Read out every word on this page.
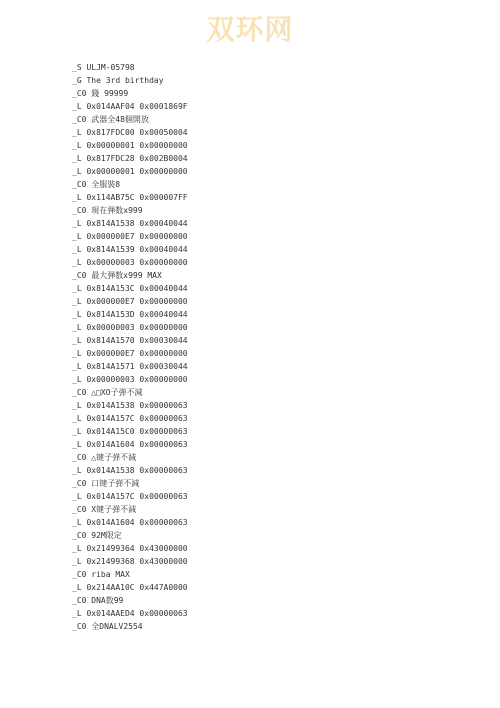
双环网
_S ULJM-05798
_G The 3rd birthday
_C0 錢 99999
_L 0x014AAF04 0x0001869F
_C0 武器全48個開放
_L 0x817FDC00 0x00050004
_L 0x00000001 0x00000000
_L 0x817FDC28 0x002B0004
_L 0x00000001 0x00000000
_C0 全服裝8
_L 0x114AB75C 0x000007FF
_C0 現在弾数x999
_L 0x814A1538 0x00040044
_L 0x000000E7 0x00000000
_L 0x814A1539 0x00040044
_L 0x00000003 0x00000000
_C0 最大弾数x999 MAX
_L 0x814A153C 0x00040044
_L 0x000000E7 0x00000000
_L 0x814A153D 0x00040044
_L 0x00000003 0x00000000
_L 0x814A1570 0x00030044
_L 0x000000E7 0x00000000
_L 0x814A1571 0x00030044
_L 0x00000003 0x00000000
_C0 △□XO子弹不減
_L 0x014A1538 0x00000063
_L 0x014A157C 0x00000063
_L 0x014A15C0 0x00000063
_L 0x014A1604 0x00000063
_C0 △键子弹不減
_L 0x014A1538 0x00000063
_C0 口键子弹不減
_L 0x014A157C 0x00000063
_C0 X键子弹不減
_L 0x014A1604 0x00000063
_C0 92M限定
_L 0x21499364 0x43000000
_L 0x21499368 0x43000000
_C0 riba MAX
_L 0x214AA10C 0x447A0000
_C0 DNA数99
_L 0x014AAED4 0x00000063
_C0 全DNALV2554
